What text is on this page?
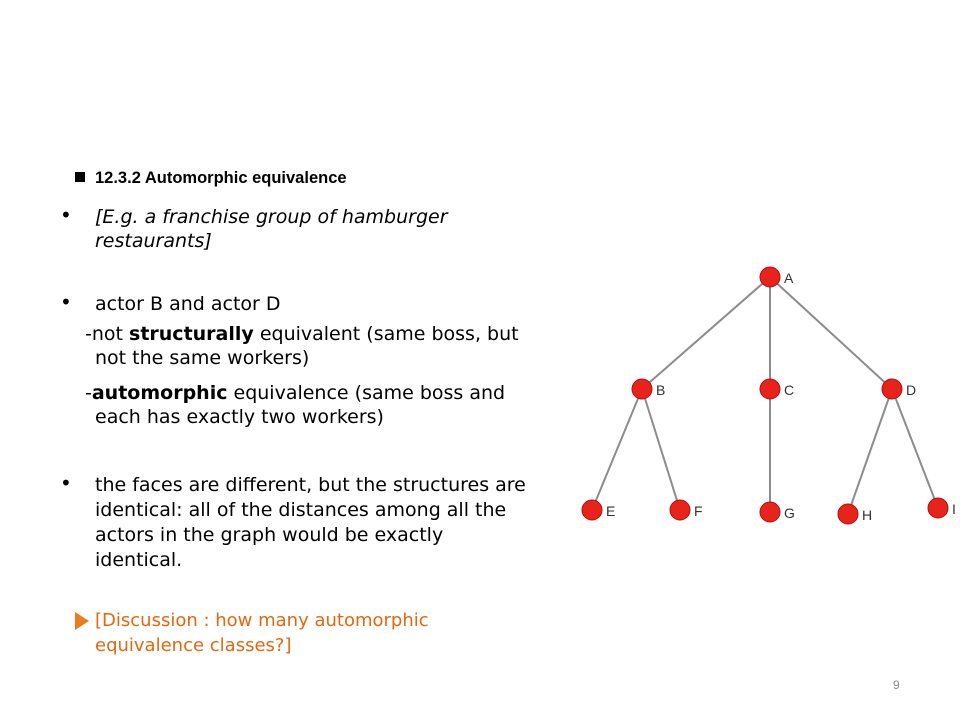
12.3.2 Automorphic equivalence
• [E.g. a franchise group of hamburger
restaurants]
• actor B and actor D
-not structurally equivalent (same boss, but
not the same workers)
-automorphic equivalence (same boss and
each has exactly two workers)
• the faces are different, but the structures are
identical: all of the distances among all the
actors in the graph would be exactly
identical.
[Discussion : how many automorphic
equivalence classes?]
A
B	C	D
E	F	G	H	I
9
